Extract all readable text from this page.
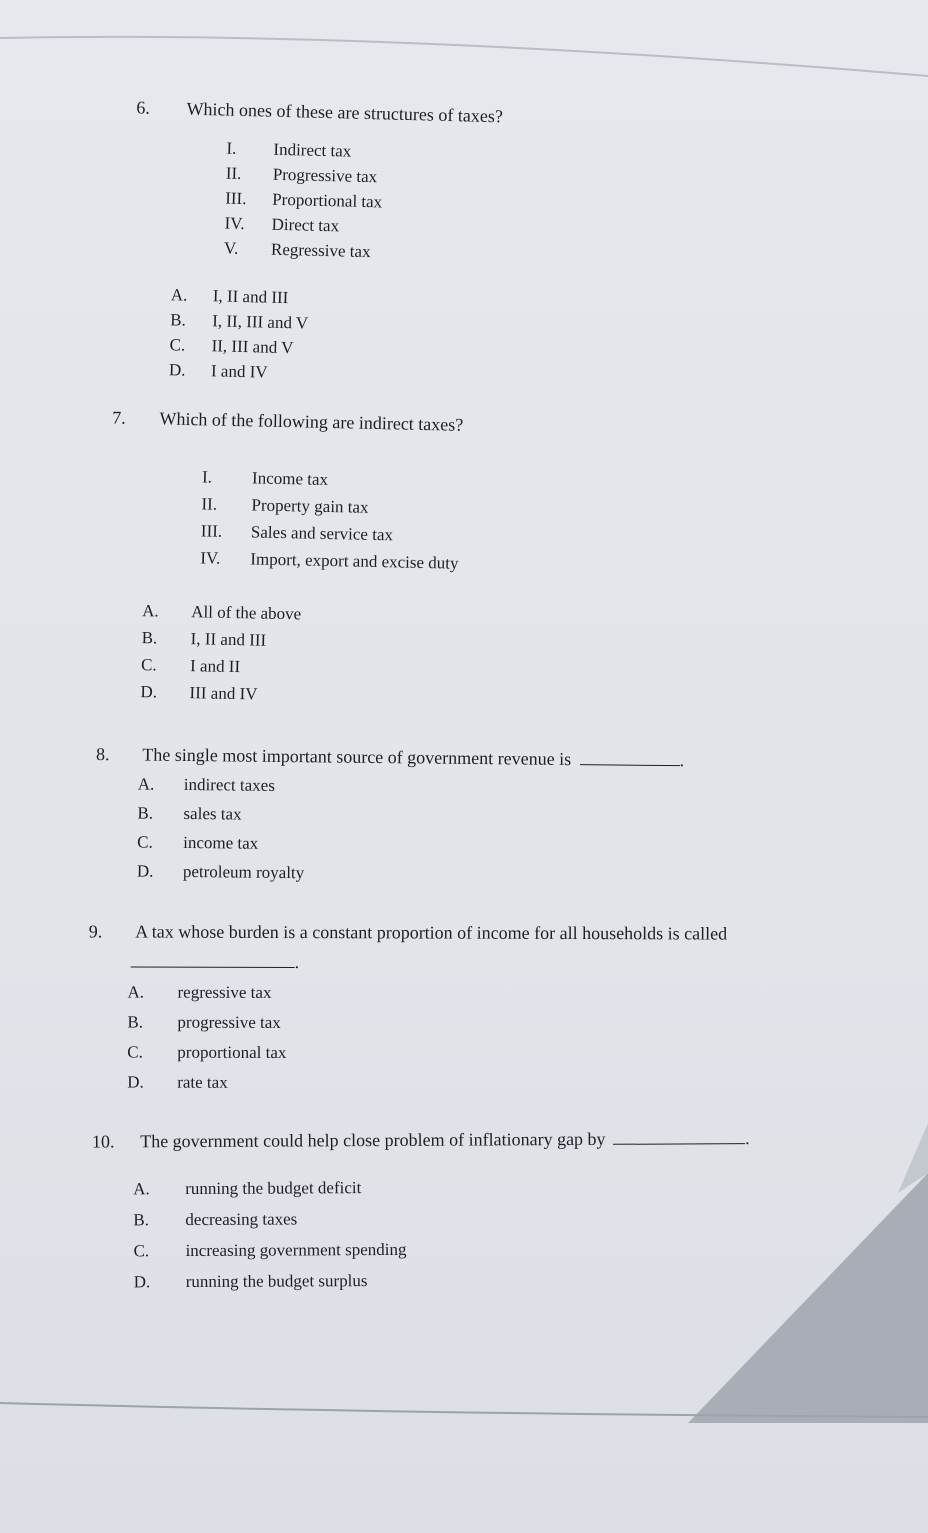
6. Which ones of these are structures of taxes?
I. Indirect tax
II. Progressive tax
III. Proportional tax
IV. Direct tax
V. Regressive tax
A. I, II and III
B. I, II, III and V
C. II, III and V
D. I and IV
7. Which of the following are indirect taxes?
I. Income tax
II. Property gain tax
III. Sales and service tax
IV. Import, export and excise duty
A. All of the above
B. I, II and III
C. I and II
D. III and IV
8. The single most important source of government revenue is	.
A. indirect taxes
B. sales tax
C. income tax
D. petroleum royalty
9. A tax whose burden is a constant proportion of income for all households is called
.
A. regressive tax
B. progressive tax
C. proportional tax
D. rate tax
10. The government could help close problem of inflationary gap by	.
A. running the budget deficit
B. decreasing taxes
C. increasing government spending
D. running the budget surplus
